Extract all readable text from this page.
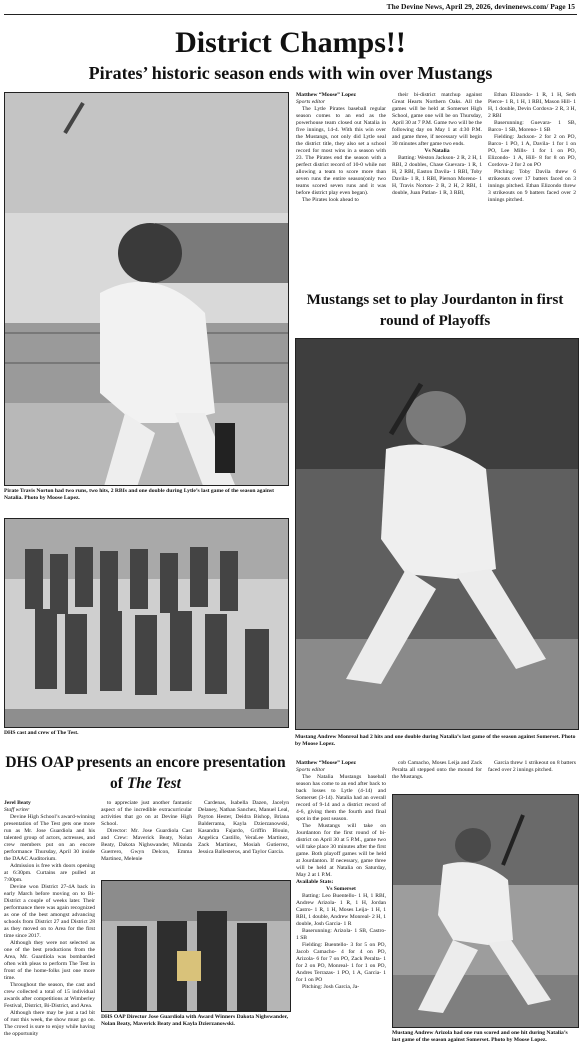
The Devine News, April 29, 2026, devinenews.com/ Page 15
District Champs!!
Pirates’ historic season ends with win over Mustangs
Pirate Travis Norton had two runs, two hits, 2 RBIs and one double during Lytle’s last game of the season against Natalia. Photo by Moose Lopez.
DHS cast and crew of The Test.

Matthew “Moose” Lopez

Sports editor

The Lytle Pirates baseball regular season comes to an end as the powerhouse team closed out Natalia in five innings, 14-4. With this win over the Mustangs, not only did Lytle seal the district title, they also set a school record for most wins in a season with 23. The Pirates end the season with a perfect district record of 10-0 while not allowing a team to score more than seven runs the entire season(only two teams scored seven runs and it was before district play even began).

The Pirates look ahead to

their bi-district matchup against Great Hearts Northern Oaks. All the games will be held at Somerset High School, game one will be on Thursday, April 30 at 7 P.M. Game two will be the following day on May 1 at 4:30 P.M. and game three, if necessary will begin 30 minutes after game two ends.

Vs Natalia

Batting: Weston Jackson- 2 R, 2 H, 1 RBI, 2 doubles, Chase Guevara- 1 R, 1 H, 2 RBI, Easton Davila- 1 RBI, Toby Davila- 1 R, 1 RBI, Pierson Moreno- 1 H, Travis Norton- 2 R, 2 H, 2 RBI, 1 double, Juan Patlan- 1 R, 3 RBI,

Ethan Elizondo- 1 R, 1 H, Seth Pierce- 1 R, 1 H, 1 RBI, Mason Hill- 1 H, 1 double, Devin Cordova- 2 R, 3 H, 2 RBI

Baserunning: Guevara- 1 SB, Barco- 1 SB, Moreno- 1 SB

Fielding: Jackson- 2 for 2 on PO, Barco- 1 PO, 1 A, Davila- 1 for 1 on PO, Lee Mills- 1 for 1 on PO, Elizondo- 1 A, Hill- 8 for 8 on PO, Cordova- 2 for 2 on PO

Pitching: Toby Davila threw 6 strikeouts over 17 batters faced on 3 innings pitched. Ethan Elizondo threw 3 strikeouts on 9 batters faced over 2 innings pitched.

Mustangs set to play Jourdanton in first round of Playoffs
Mustang Andrew Monreal had 2 hits and one double during Natalia’s last game of the season against Somerset. Photo by Moose Lopez.
DHS OAP presents an encore presentation of The Test

Jerel Beaty

Staff writer

Devine High School’s award-winning presentation of The Test gets one more run as Mr. Jose Guardiola and his talented group of actors, actresses, and crew members put on an encore performance Thursday, April 30 inside the DAAC Auditorium.

Admission is free with doors opening at 6:30pm. Curtains are pulled at 7:00pm.

Devine won District 27-4A back in early March before moving on to Bi-District a couple of weeks later. Their performance there was again recognized as one of the best amongst advancing schools from District 27 and District 28 as they moved on to Area for the first time since 2017.

Although they were not selected as one of the best productions from the Area, Mr. Guardiola was bombarded often with pleas to perform The Test in front of the home-folks just one more time.

Throughout the season, the cast and crew collected a total of 15 individual awards after competitions at Wimberley Festival, District, Bi-District, and Area.

Although there may be just a tad bit of rust this week, the show must go on. The crowd is sure to enjoy while having the opportunity

to appreciate just another fantastic aspect of the incredible extracurricular activities that go on at Devine High School.

Director: Mr. Jose Guardiola Cast and Crew: Maverick Beaty, Nolan Beaty, Dakota Nighswander, Miranda Guerrero, Gwyn Delcon, Emma Martinez, Melenie

Cardenas, Isabella Dazen, Jacelyn Delaney, Nathan Sanchez, Manuel Leal, Payton Hester, Deidra Bishop, Briana Balderrama, Kayla Dzierzanowski, Kasandra Fajardo, Griffin Blouin, Angelica Castillo, VeraLee Martinez, Zack Martinez, Mosiah Gutierrez, Jessica Ballesteros, and Taylor Garcia.

DHS OAP Director Jose Guardiola with Award Winners Dakota Nighswander, Nolan Beaty, Maverick Beaty and Kayla Dzierzanowski.

Matthew “Moose” Lopez

Sports editor

The Natalia Mustangs baseball season has come to an end after back to back losses to Lytle (4-14) and Somerset (3-14). Natalia had an overall record of 9-14 and a district record of 4-6, giving them the fourth and final spot in the post season.

The Mustangs will take on Jourdanton for the first round of bi-district on April 30 at 5 P.M., game two will take place 30 minutes after the first game. Both playoff games will be held at Jourdanton. If necessary, game three will be held at Natalia on Saturday, May 2 at 1 P.M.

Available Stats:

Vs Somerset

Batting: Leo Buentello- 1 H, 1 RBI, Andrew Arizola- 1 R, 1 H, Jordan Castro- 1 R, 1 H, Moses Leija- 1 H, 1 RBI, 1 double, Andrew Monreal- 2 H, 1 double, Josh Garcia- 1 R

Baserunning: Arizola- 1 SB, Castro- 1 SB

Fielding: Buentello- 3 for 5 on PO, Jacob Camacho- 4 for 4 on PO, Arizola- 6 for 7 on PO, Zack Peralta- 1 for 2 on PO, Monreal- 1 for 1 on PO, Andres Terrazas- 1 PO, 1 A, Garcia- 1 for 1 on PO

Pitching: Josh Garcia, Ja-

cob Camacho, Moses Leija and Zack Peralta all stepped onto the mound for the Mustangs.

Garcia threw 1 strikeout on 8 batters faced over 2 innings pitched.

Mustang Andrew Arizola had one run scored and one hit during Natalia’s last game of the season against Somerset. Photo by Moose Lopez.
